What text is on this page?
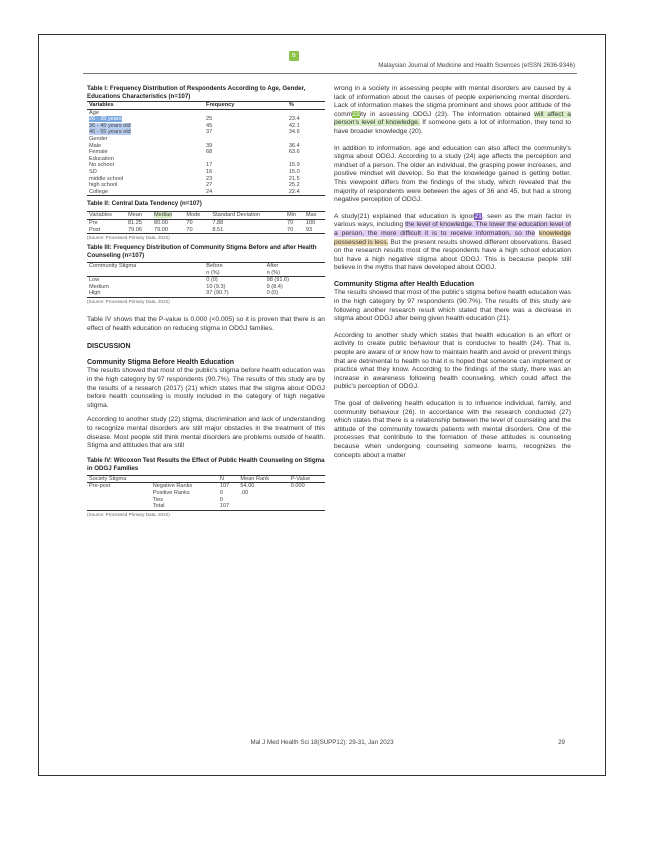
B
Malaysian Journal of Medicine and Health Sciences (eISSN 2636-9346)
Table I: Frequency Distribution of Respondents According to Age, Gender, Educations Characteristics (n=107)
Variables	Frequency	%
Age		
26 - 35 years	25	23.4
36 - 45 years old	45	42.1
46 - 55 years old	37	34.6
Gender		
Male	39	36.4
Female	68	63.6
Education		
No school	17	15.9
SD	16	15.0
middle school	23	21.5
high school	27	25.2
College	24	22.4
Table II: Central Data Tendency (n=107)
Variables	Mean	Median	Mode	Standard Deviation	Min	Max
Pre	81.25	80.00	70	7.88	70	100
Post	79.06	79.00	70	8.51	70	93
(Source: Processed Primary Data, 2022)
Table III: Frequency Distribution of Community Stigma Before and after Health Counseling (n=107)
Community Stigma	Before	After
	n (%)	n (%)
Low	0 (0)	98 (91.6)
Medium	10 (9.3)	9 (8.4)
High	97 (90.7)	0 (0)
(Source: Processed Primary Data, 2022)

Table IV shows that the P-value is 0.000 (<0.005) so it is proven that there is an effect of health education on reducing stigma in ODGJ families.

DISCUSSION
Community Stigma Before Health Education

The results showed that most of the public's stigma before health education was in the high category by 97 respondents (90.7%). The results of this study are by the results of a research (2017) (21) which states that the stigma about ODGJ before health counseling is mostly included in the category of high negative stigma.

According to another study (22) stigma, discrimination and lack of understanding to recognize mental disorders are still major obstacles in the treatment of this disease. Most people still think mental disorders are problems outside of health. Stigma and attitudes that are still

Table IV: Wilcoxon Test Results the Effect of Public Health Counseling on Stigma in ODGJ Families
Society Stigma		N	Mean Rank	P-Value
Pre-post	Negative Ranks	107	54.00	0.000
	Positive Ranks	0	.00	
	Ties	0		
	Total	107		
(Source: Processed Primary Data, 2022)

wrong in a society in assessing people with mental disorders are caused by a lack of information about the causes of people experiencing mental disorders. Lack of information makes the stigma prominent and shows poor attitude of the comm23ity in assessing ODGJ (23). The information obtained will affect a person's level of knowledge. If someone gets a lot of information, they tend to have broader knowledge (20).

In addition to information, age and education can also affect the community's stigma about ODGJ. According to a study (24) age affects the perception and mindset of a person. The older an individual, the grasping power increases, and positive mindset will develop. So that the knowledge gained is getting better. This viewpoint differs from the findings of the study, which revealed that the majority of respondents were between the ages of 36 and 45, but had a strong negative perception of ODGJ.

A study(21) explained that education is ignor21, seen as the main factor in various ways, including the level of knowledge. The lower the education level of a person, the more difficult it is to receive information, so the knowledge possessed is less. But the present results showed different observations. Based on the research results most of the respondents have a high school education but have a high negative stigma about ODGJ. This is because people still believe in the myths that have developed about ODGJ.

Community Stigma after Health Education

The results showed that most of the public's stigma before health education was in the high category by 97 respondents (90.7%). The results of this study are following another research result which stated that there was a decrease in stigma about ODGJ after being given health education (21).

According to another study which states that health education is an effort or activity to create public behaviour that is conducive to health (24). That is, people are aware of or know how to maintain health and avoid or prevent things that are detrimental to health so that it is hoped that someone can implement or practice what they know. According to the findings of the study, there was an increase in awareness following health counseling, which could affect the public's perception of ODGJ.

The goal of delivering health education is to influence individual, family, and community behaviour (26). In accordance with the research conducted (27) which states that there is a relationship between the level of counseling and the attitude of the community towards patients with mental disorders. One of the processes that contribute to the formation of these attitudes is counseling because when undergoing counseling someone learns, recognizes the concepts about a matter

Mal J Med Health Sci 18(SUPP12): 29-31, Jan 2023	29
